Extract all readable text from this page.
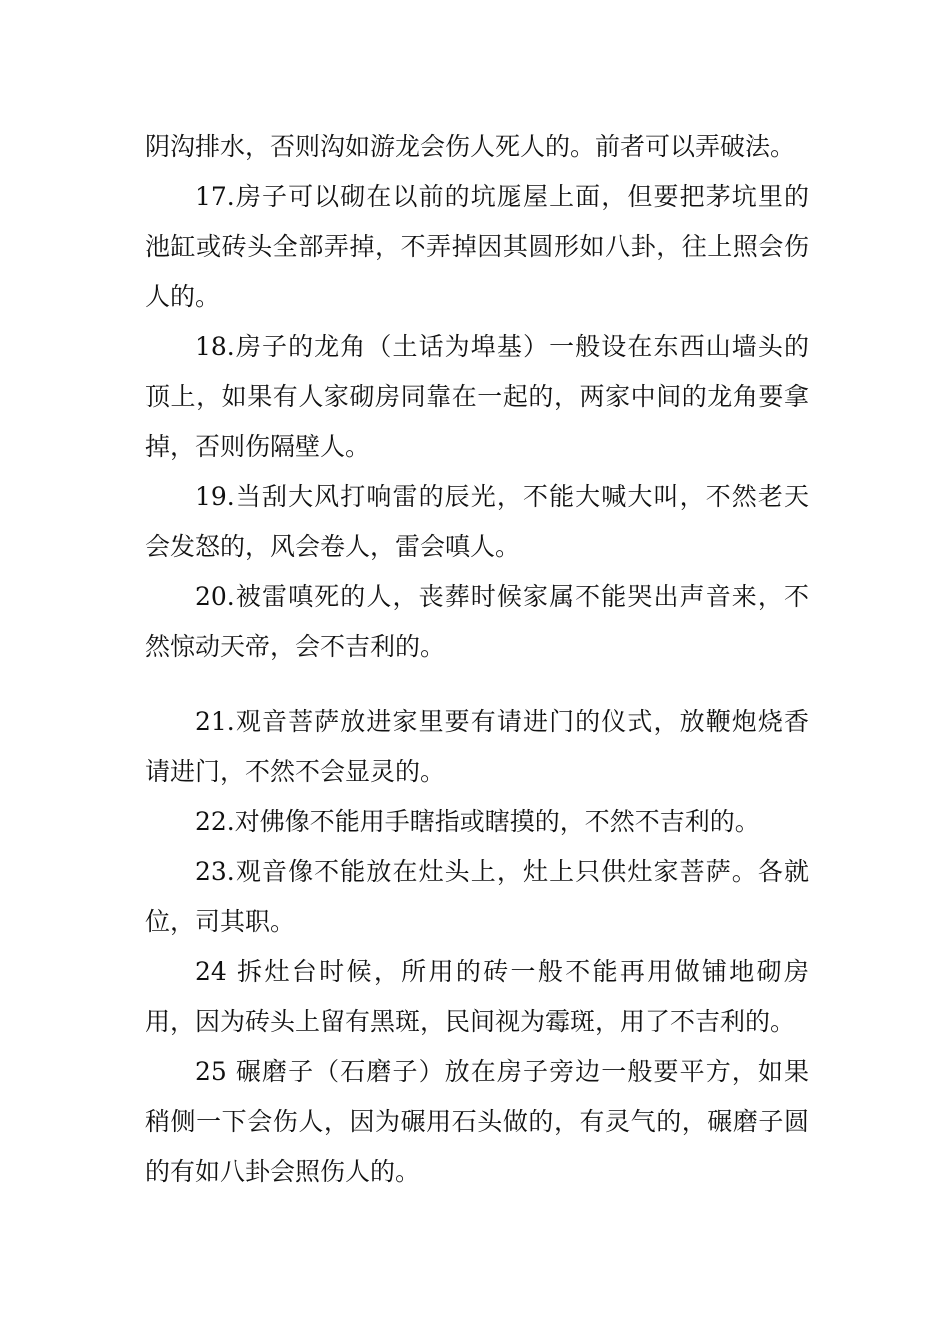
阴沟排水，否则沟如游龙会伤人死人的。前者可以弄破法。

17.房子可以砌在以前的坑厖屋上面，但要把茅坑里的池缸或砖头全部弄掉，不弄掉因其圆形如八卦，往上照会伤人的。

18.房子的龙角（土话为埠基）一般设在东西山墙头的顶上，如果有人家砌房同靠在一起的，两家中间的龙角要拿掉，否则伤隔壁人。

19.当刮大风打响雷的辰光，不能大喊大叫，不然老天会发怒的，风会卷人，雷会嗔人。

20.被雷嗔死的人，丧葬时候家属不能哭出声音来，不然惊动天帝，会不吉利的。

21.观音菩萨放进家里要有请进门的仪式，放鞭炮烧香请进门，不然不会显灵的。

22.对佛像不能用手瞎指或瞎摸的，不然不吉利的。

23.观音像不能放在灶头上，灶上只供灶家菩萨。各就位，司其职。

24 拆灶台时候，所用的砖一般不能再用做铺地砌房用，因为砖头上留有黑斑，民间视为霉斑，用了不吉利的。

25 碾磨子（石磨子）放在房子旁边一般要平方，如果稍侧一下会伤人，因为碾用石头做的，有灵气的，碾磨子圆的有如八卦会照伤人的。
